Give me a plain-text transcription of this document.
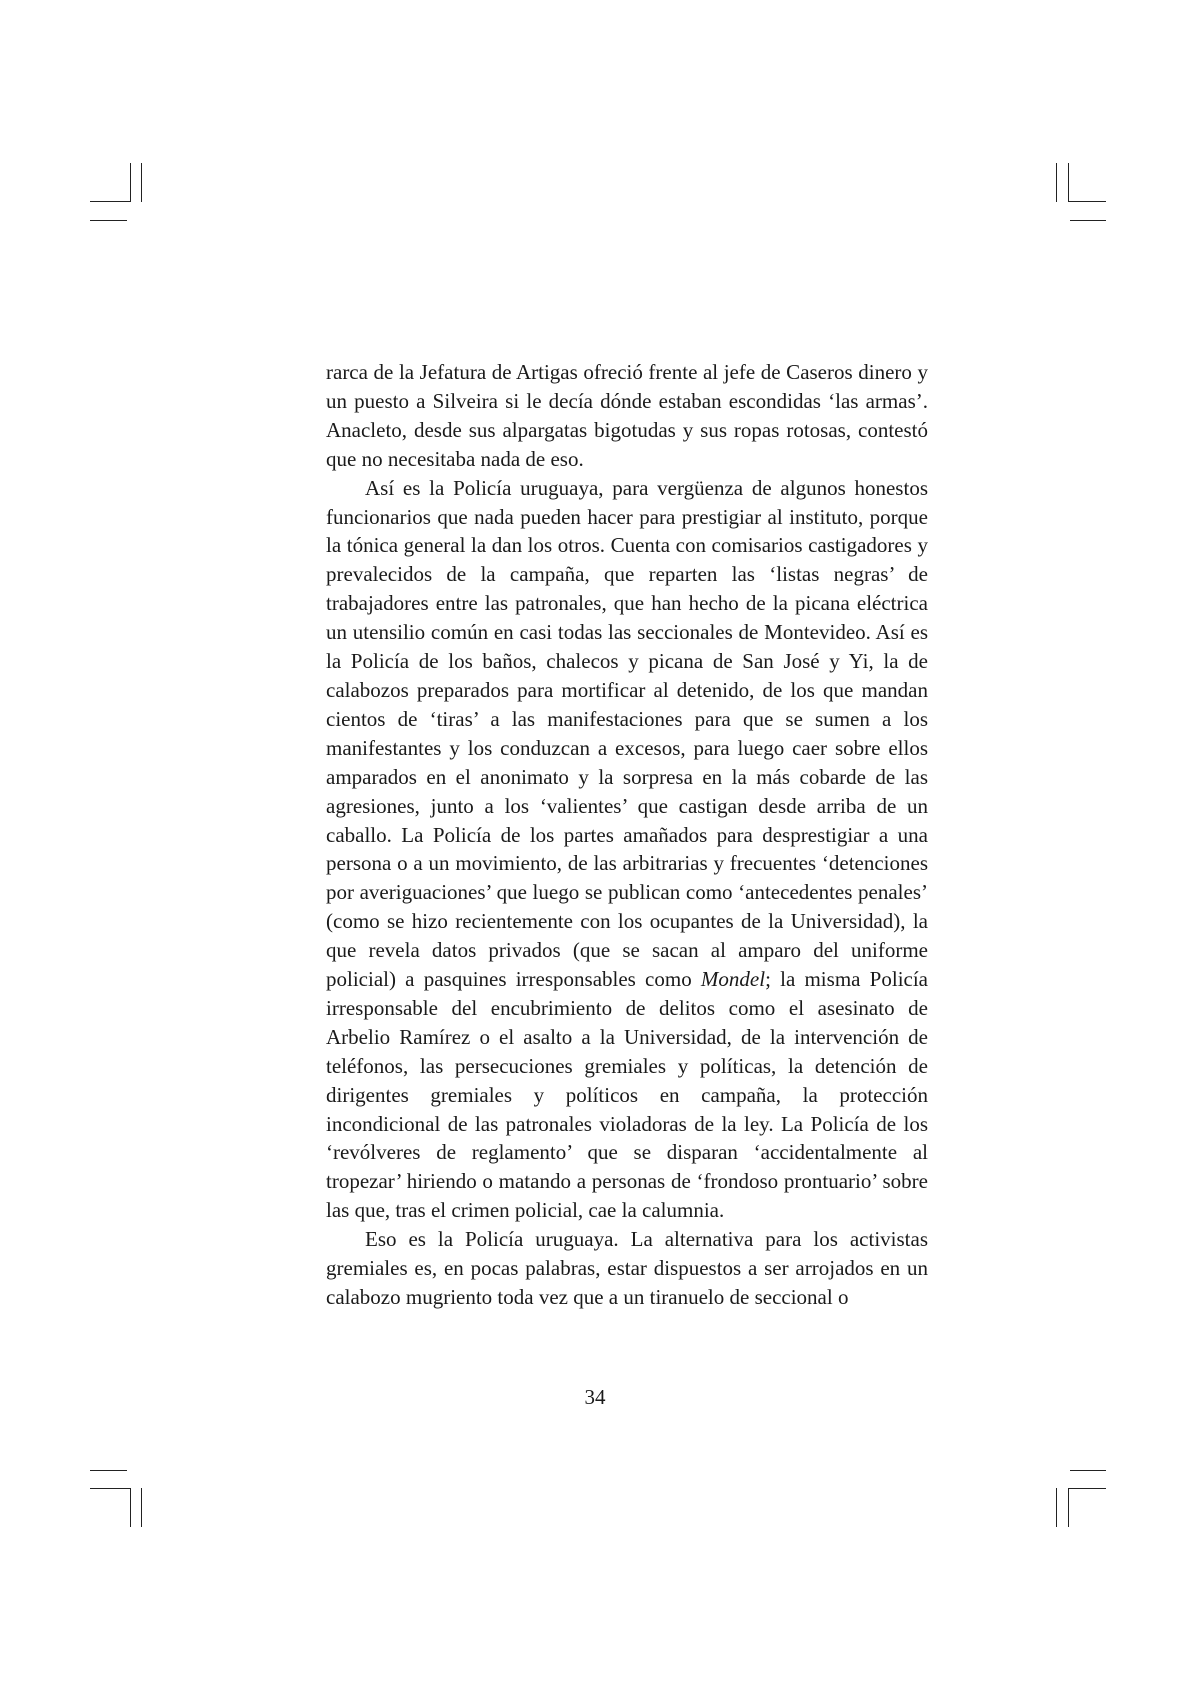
rarca de la Jefatura de Artigas ofreció frente al jefe de Caseros dinero y un puesto a Silveira si le decía dónde estaban escondidas ‘las armas’. Anacleto, desde sus alpargatas bigotudas y sus ropas rotosas, contestó que no necesitaba nada de eso.

Así es la Policía uruguaya, para vergüenza de algunos honestos funcionarios que nada pueden hacer para prestigiar al instituto, porque la tónica general la dan los otros. Cuenta con comisarios castigadores y prevalecidos de la campaña, que reparten las ‘listas negras’ de trabajadores entre las patronales, que han hecho de la picana eléctrica un utensilio común en casi todas las seccionales de Montevideo. Así es la Policía de los baños, chalecos y picana de San José y Yi, la de calabozos preparados para mortificar al detenido, de los que mandan cientos de ‘tiras’ a las manifestaciones para que se sumen a los manifestantes y los conduzcan a excesos, para luego caer sobre ellos amparados en el anonimato y la sorpresa en la más cobarde de las agresiones, junto a los ‘valientes’ que castigan desde arriba de un caballo. La Policía de los partes amañados para desprestigiar a una persona o a un movimiento, de las arbitrarias y frecuentes ‘detenciones por averiguaciones’ que luego se publican como ‘antecedentes penales’ (como se hizo recientemente con los ocupantes de la Universidad), la que revela datos privados (que se sacan al amparo del uniforme policial) a pasquines irresponsables como Mondel; la misma Policía irresponsable del encubrimiento de delitos como el asesinato de Arbelio Ramírez o el asalto a la Universidad, de la intervención de teléfonos, las persecuciones gremiales y políticas, la detención de dirigentes gremiales y políticos en campaña, la protección incondicional de las patronales violadoras de la ley. La Policía de los ‘revólveres de reglamento’ que se disparan ‘accidentalmente al tropezar’ hiriendo o matando a personas de ‘frondoso prontuario’ sobre las que, tras el crimen policial, cae la calumnia.

Eso es la Policía uruguaya. La alternativa para los activistas gremiales es, en pocas palabras, estar dispuestos a ser arrojados en un calabozo mugriento toda vez que a un tiranuelo de seccional o

34
